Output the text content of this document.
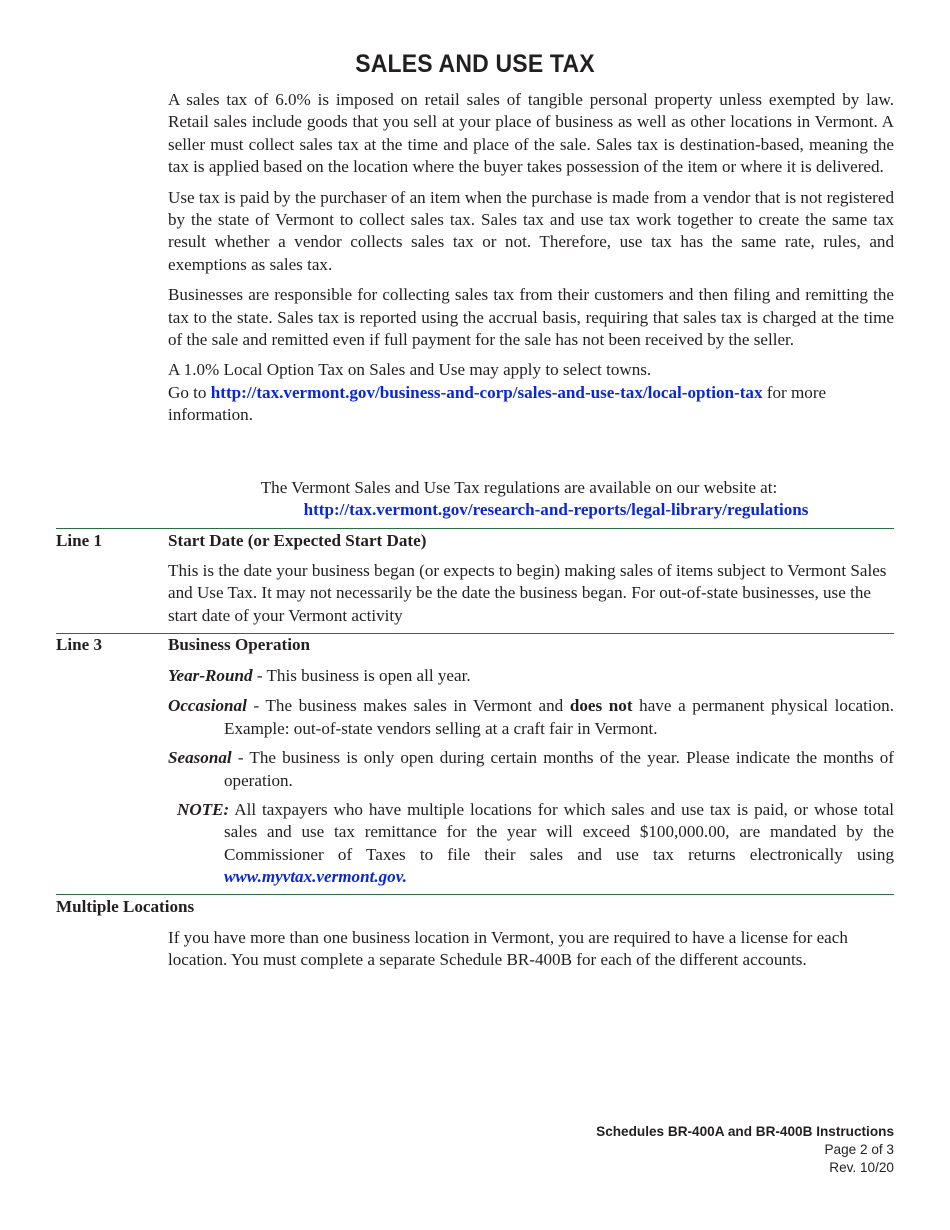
SALES AND USE TAX

A sales tax of 6.0% is imposed on retail sales of tangible personal property unless exempted by law. Retail sales include goods that you sell at your place of business as well as other locations in Vermont. A seller must collect sales tax at the time and place of the sale. Sales tax is destination-based, meaning the tax is applied based on the location where the buyer takes possession of the item or where it is delivered.

Use tax is paid by the purchaser of an item when the purchase is made from a vendor that is not registered by the state of Vermont to collect sales tax. Sales tax and use tax work together to create the same tax result whether a vendor collects sales tax or not. Therefore, use tax has the same rate, rules, and exemptions as sales tax.

Businesses are responsible for collecting sales tax from their customers and then filing and remitting the tax to the state. Sales tax is reported using the accrual basis, requiring that sales tax is charged at the time of the sale and remitted even if full payment for the sale has not been received by the seller.

A 1.0% Local Option Tax on Sales and Use may apply to select towns.
Go to http://tax.vermont.gov/business-and-corp/sales-and-use-tax/local-option-tax for more information.

The Vermont Sales and Use Tax regulations are available on our website at:
http://tax.vermont.gov/research-and-reports/legal-library/regulations
Line 1	Start Date (or Expected Start Date)

This is the date your business began (or expects to begin) making sales of items subject to Vermont Sales and Use Tax. It may not necessarily be the date the business began. For out-of-state businesses, use the start date of your Vermont activity

Line 3	Business Operation

Year-Round - This business is open all year.

Occasional - The business makes sales in Vermont and does not have a permanent physical location. Example: out-of-state vendors selling at a craft fair in Vermont.

Seasonal - The business is only open during certain months of the year. Please indicate the months of operation.

NOTE: All taxpayers who have multiple locations for which sales and use tax is paid, or whose total sales and use tax remittance for the year will exceed $100,000.00, are mandated by the Commissioner of Taxes to file their sales and use tax returns electronically using www.myvtax.vermont.gov.

Multiple Locations

If you have more than one business location in Vermont, you are required to have a license for each location. You must complete a separate Schedule BR-400B for each of the different accounts.

Schedules BR-400A and BR-400B Instructions
Page 2 of 3
Rev. 10/20
